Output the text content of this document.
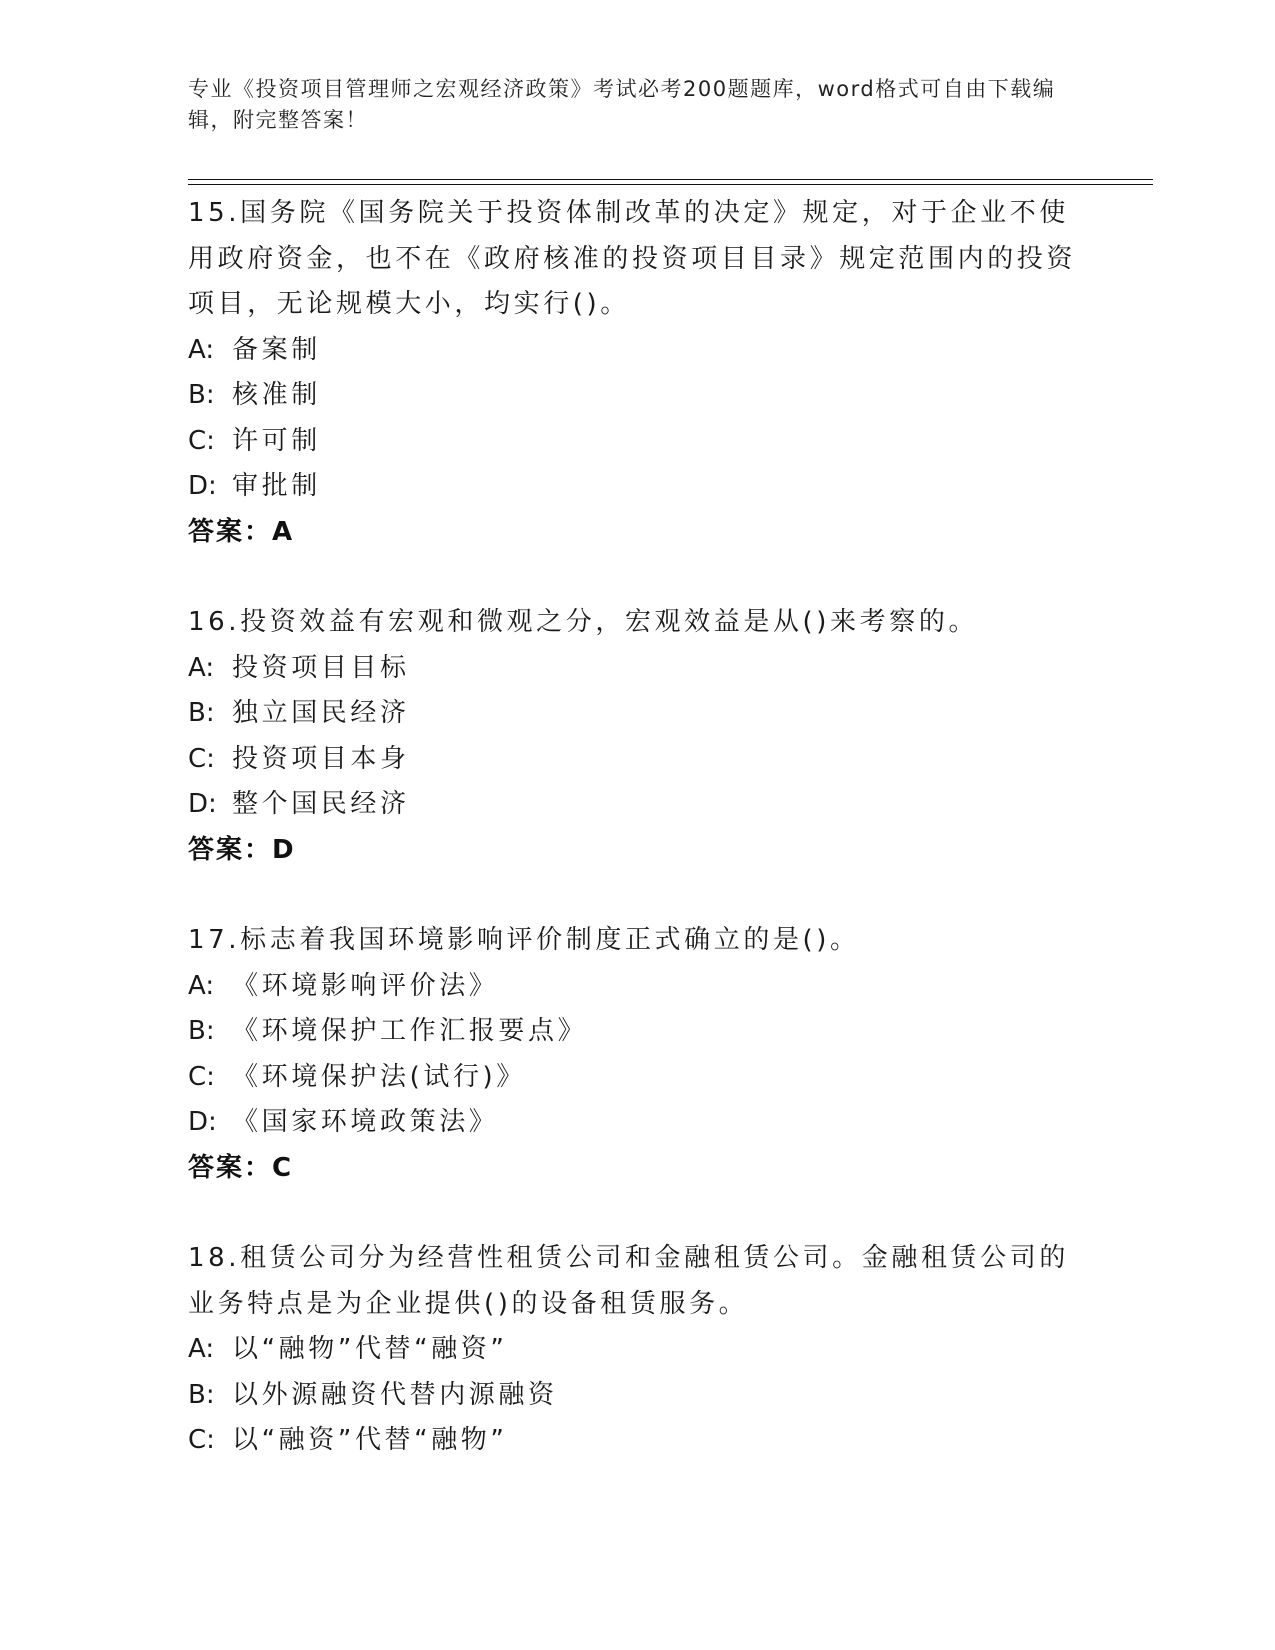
专业《投资项目管理师之宏观经济政策》考试必考200题题库，word格式可自由下载编辑，附完整答案！
15.国务院《国务院关于投资体制改革的决定》规定，对于企业不使用政府资金，也不在《政府核准的投资项目目录》规定范围内的投资项目，无论规模大小，均实行()。
A: 备案制
B: 核准制
C: 许可制
D: 审批制
答案：A
16.投资效益有宏观和微观之分，宏观效益是从()来考察的。
A: 投资项目目标
B: 独立国民经济
C: 投资项目本身
D: 整个国民经济
答案：D
17.标志着我国环境影响评价制度正式确立的是()。
A: 《环境影响评价法》
B: 《环境保护工作汇报要点》
C: 《环境保护法(试行)》
D: 《国家环境政策法》
答案：C
18.租赁公司分为经营性租赁公司和金融租赁公司。金融租赁公司的业务特点是为企业提供()的设备租赁服务。
A: 以“融物”代替“融资”
B: 以外源融资代替内源融资
C: 以“融资”代替“融物”
